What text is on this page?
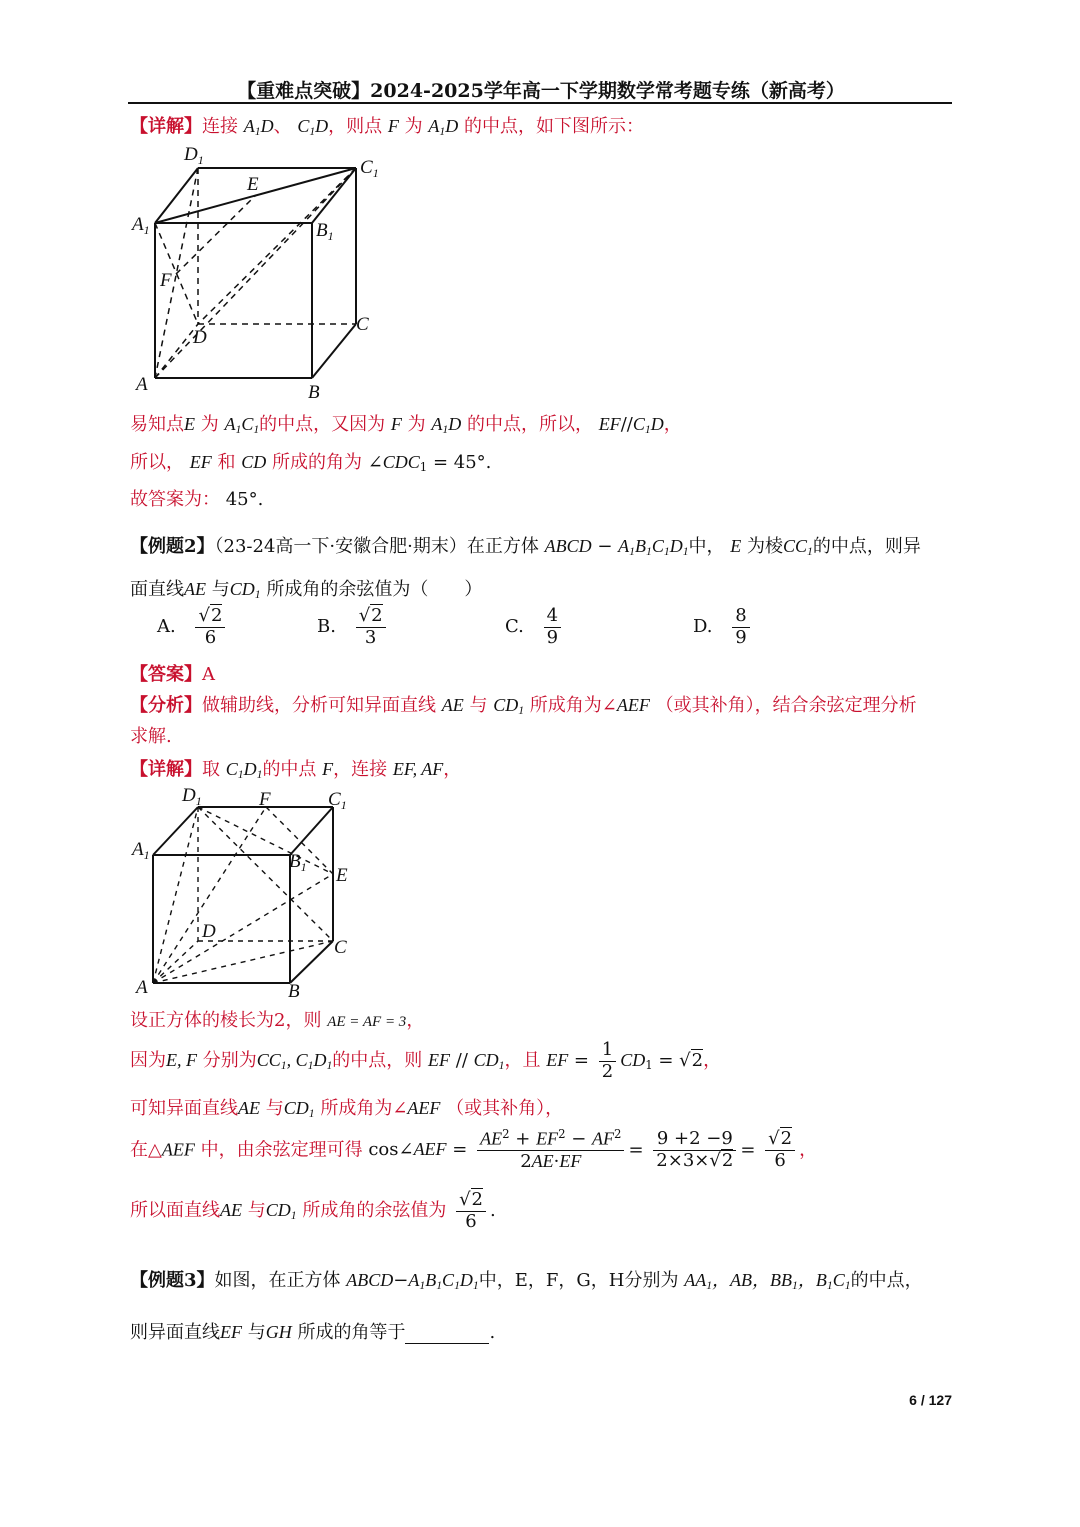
【重难点突破】2024-2025学年高一下学期数学常考题专练（新高考）
【详解】连接 $A_1D$、 $C_1D$，则点 F 为 $A_1D$ 的中点，如下图所示：
$D_1$	$C_1$
$A_1$	$B_1$
E
F
D
C
A	B
易知点E 为 $A_1C_1$的中点，又因为 F 为 $A_1D$ 的中点，所以， $EF//C_1D$，
所以， EF 和 CD 所成的角为 $\angle CDC_1 = 45^\circ$.
故答案为： 45°.
【例题2】（23-24高一下·安徽合肥·期末）在正方体 ABCD − $A_1B_1C_1D_1$中， E 为棱$CC_1$的中点，则异
面直线AE 与$CD_1$ 所成角的余弦值为（　　）
A. $\frac{√2}{6}$	B. $\frac{√2}{3}$	C. $\frac{4}{9}$	D. $\frac{8}{9}$
【答案】A
【分析】做辅助线，分析可知异面直线 AE 与 $CD_1$ 所成角为∠AEF （或其补角），结合余弦定理分析
求解.
【详解】取 $C_1D_1$的中点 F，连接 EF, AF，
$D_1$	F	$C_1$
$A_1$	$B_1$ E
D
C
A	B
设正方体的棱长为2，则 AE = AF = 3，
因为E, F 分别为$CC_1$, $C_1D_1$的中点，则 EF // $CD_1$，且 EF = $\frac{1}{2} CD_1 = √2$，
可知异面直线AE 与$CD_1$ 所成角为∠AEF （或其补角），
在△AEF 中，由余弦定理可得 cos∠AEF = $\frac{AE^2 + EF^2 - AF^2}{2AE\cdot EF} = \frac{9 +2 -9}{2\times 3\times√2} = \frac{√2}{6}$ ，
所以面直线AE 与$CD_1$ 所成角的余弦值为 $\frac{√2}{6}$ .
【例题3】如图，在正方体 $ABCD-A_1B_1C_1D_1$中，E，F，G，H分别为 $AA_1$，AB，$BB_1$，$B_1C_1$的中点，
则异面直线EF 与GH 所成的角等于	.
6 / 127
